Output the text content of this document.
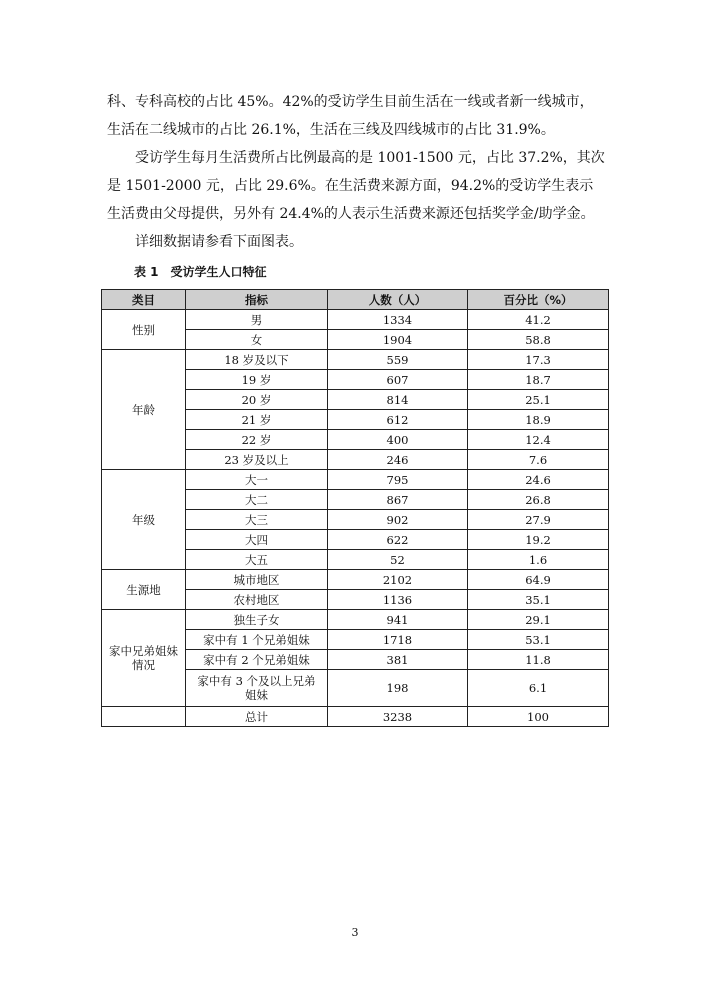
科、专科高校的占比 45%。42%的受访学生目前生活在一线或者新一线城市，生活在二线城市的占比 26.1%，生活在三线及四线城市的占比 31.9%。

受访学生每月生活费所占比例最高的是 1001-1500 元，占比 37.2%，其次是 1501-2000 元，占比 29.6%。在生活费来源方面，94.2%的受访学生表示生活费由父母提供，另外有 24.4%的人表示生活费来源还包括奖学金/助学金。

详细数据请参看下面图表。

表 1　受访学生人口特征
类目	指标	人数（人）	百分比（%）
性别	男	1334	41.2
	女	1904	58.8
年龄	18 岁及以下	559	17.3
	19 岁	607	18.7
	20 岁	814	25.1
	21 岁	612	18.9
	22 岁	400	12.4
	23 岁及以上	246	7.6
年级	大一	795	24.6
	大二	867	26.8
	大三	902	27.9
	大四	622	19.2
	大五	52	1.6
生源地	城市地区	2102	64.9
	农村地区	1136	35.1
家中兄弟姐妹情况	独生子女	941	29.1
	家中有 1 个兄弟姐妹	1718	53.1
	家中有 2 个兄弟姐妹	381	11.8
	家中有 3 个及以上兄弟姐妹	198	6.1
	总计	3238	100
3
